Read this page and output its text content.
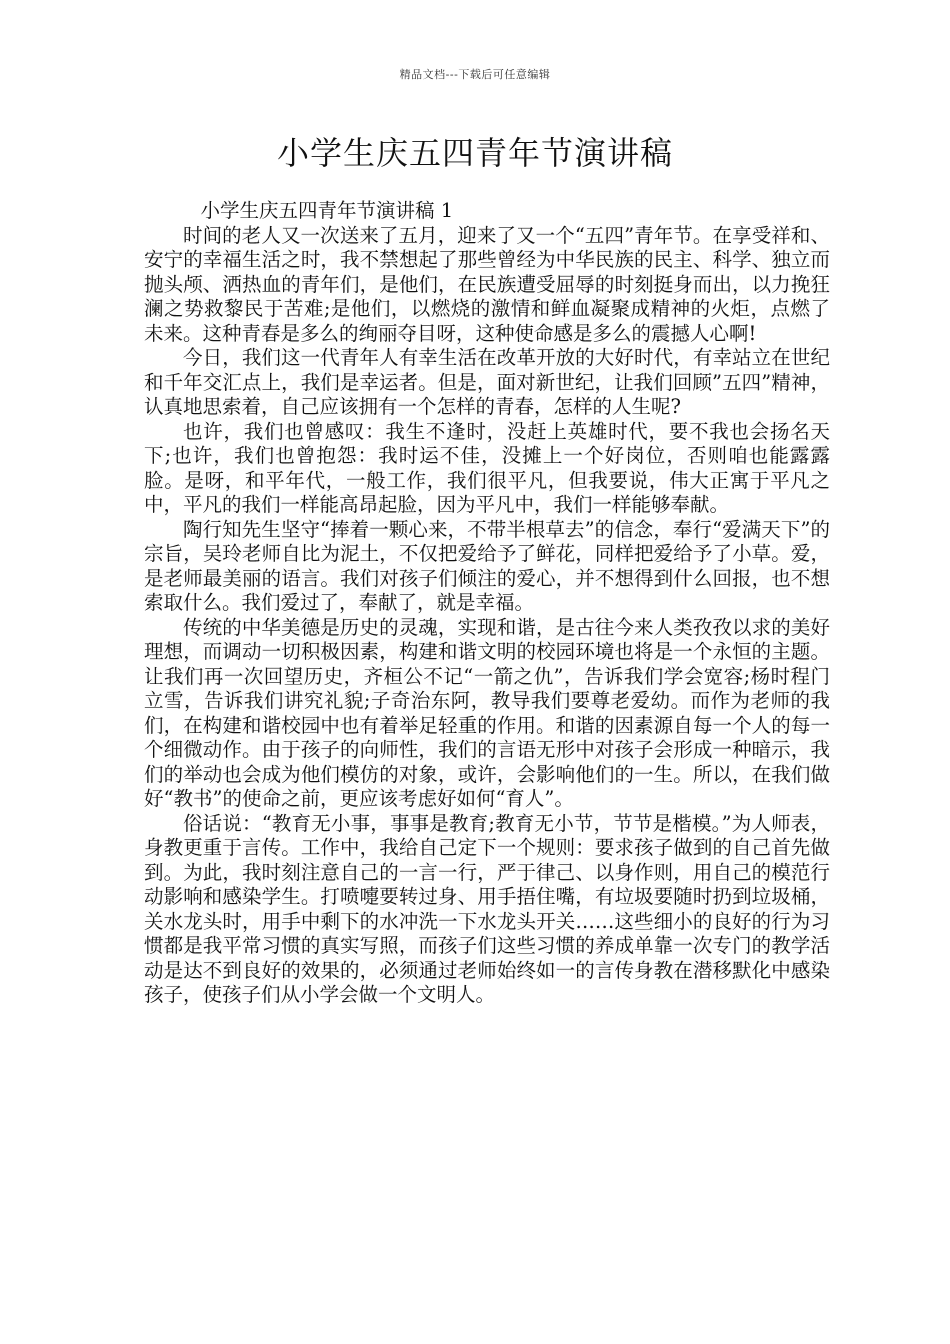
精品文档---下载后可任意编辑
小学生庆五四青年节演讲稿

小学生庆五四青年节演讲稿 1

时间的老人又一次送来了五月，迎来了又一个“五四”青年节。在享受祥和、安宁的幸福生活之时，我不禁想起了那些曾经为中华民族的民主、科学、独立而抛头颅、洒热血的青年们，是他们，在民族遭受屈辱的时刻挺身而出，以力挽狂澜之势救黎民于苦难;是他们，以燃烧的激情和鲜血凝聚成精神的火炬，点燃了未来。这种青春是多么的绚丽夺目呀，这种使命感是多么的震撼人心啊!

今日，我们这一代青年人有幸生活在改革开放的大好时代，有幸站立在世纪和千年交汇点上，我们是幸运者。但是，面对新世纪，让我们回顾”五四”精神，认真地思索着，自己应该拥有一个怎样的青春，怎样的人生呢?

也许，我们也曾感叹：我生不逢时，没赶上英雄时代，要不我也会扬名天下;也许，我们也曾抱怨：我时运不佳，没摊上一个好岗位，否则咱也能露露脸。是呀，和平年代，一般工作，我们很平凡，但我要说，伟大正寓于平凡之中，平凡的我们一样能高昂起脸，因为平凡中，我们一样能够奉献。

陶行知先生坚守“捧着一颗心来，不带半根草去”的信念，奉行“爱满天下”的宗旨，吴玲老师自比为泥土，不仅把爱给予了鲜花，同样把爱给予了小草。爱，是老师最美丽的语言。我们对孩子们倾注的爱心，并不想得到什么回报，也不想索取什么。我们爱过了，奉献了，就是幸福。

传统的中华美德是历史的灵魂，实现和谐，是古往今来人类孜孜以求的美好理想，而调动一切积极因素，构建和谐文明的校园环境也将是一个永恒的主题。让我们再一次回望历史，齐桓公不记“一箭之仇”，告诉我们学会宽容;杨时程门立雪，告诉我们讲究礼貌;子奇治东阿，教导我们要尊老爱幼。而作为老师的我们，在构建和谐校园中也有着举足轻重的作用。和谐的因素源自每一个人的每一个细微动作。由于孩子的向师性，我们的言语无形中对孩子会形成一种暗示，我们的举动也会成为他们模仿的对象，或许，会影响他们的一生。所以，在我们做好“教书”的使命之前，更应该考虑好如何“育人”。

俗话说：“教育无小事，事事是教育;教育无小节，节节是楷模。”为人师表，身教更重于言传。工作中，我给自己定下一个规则：要求孩子做到的自己首先做到。为此，我时刻注意自己的一言一行，严于律己、以身作则，用自己的模范行动影响和感染学生。打喷嚏要转过身、用手捂住嘴，有垃圾要随时扔到垃圾桶，关水龙头时，用手中剩下的水冲洗一下水龙头开关……这些细小的良好的行为习惯都是我平常习惯的真实写照，而孩子们这些习惯的养成单靠一次专门的教学活动是达不到良好的效果的，必须通过老师始终如一的言传身教在潜移默化中感染孩子，使孩子们从小学会做一个文明人。
